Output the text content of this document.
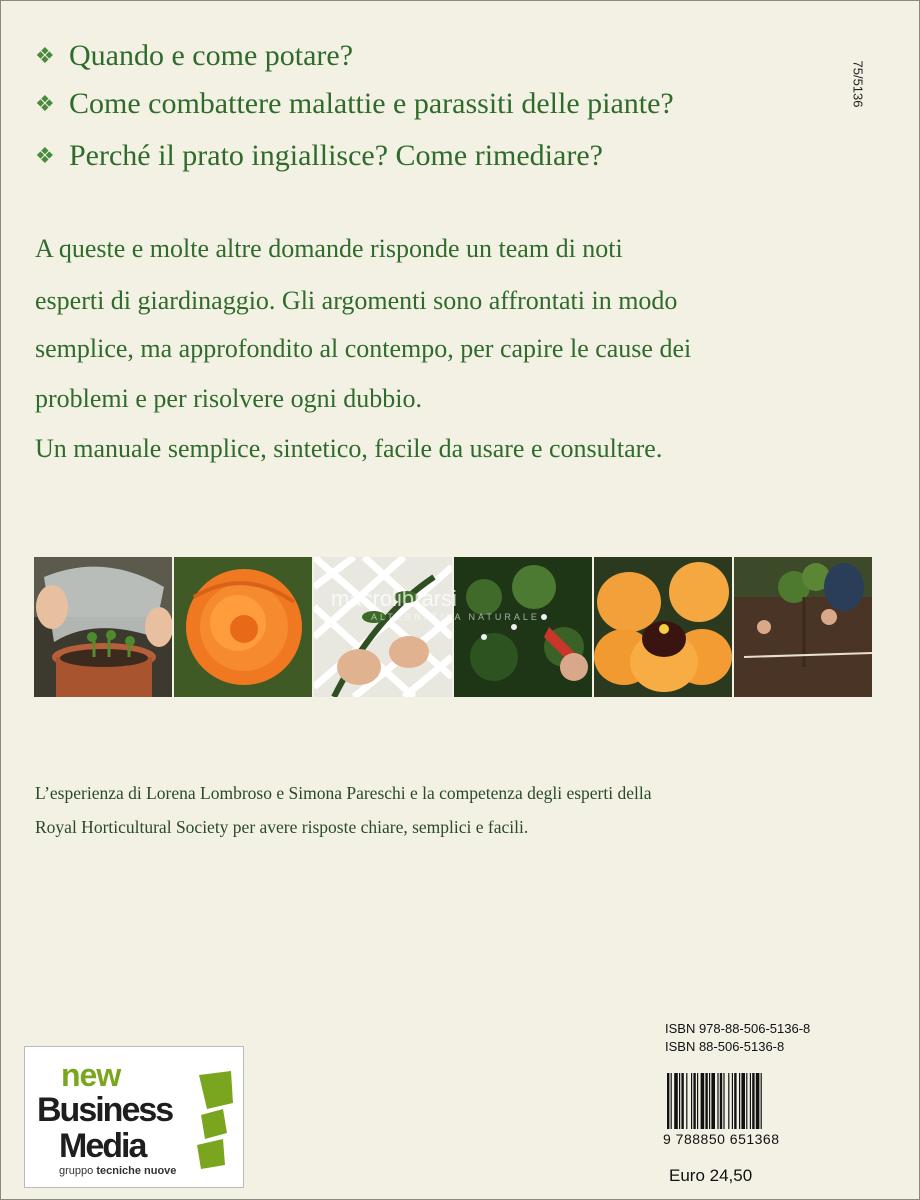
75/5136
❖ Quando e come potare?
❖ Come combattere malattie e parassiti delle piante?
❖ Perché il prato ingiallisce? Come rimediare?
A queste e molte altre domande risponde un team di noti
esperti di giardinaggio. Gli argomenti sono affrontati in modo
semplice, ma approfondito al contempo, per capire le cause dei
problemi e per risolvere ogni dubbio.
Un manuale semplice, sintetico, facile da usare e consultare.
macrolibrarsi
ALTERNATIVA NATURALE
L’esperienza di Lorena Lombroso e Simona Pareschi e la competenza degli esperti della
Royal Horticultural Society per avere risposte chiare, semplici e facili.
new
Business
Media
gruppo tecniche nuove
ISBN 978-88-506-5136-8
ISBN 88-506-5136-8
9 788850 651368
Euro 24,50
